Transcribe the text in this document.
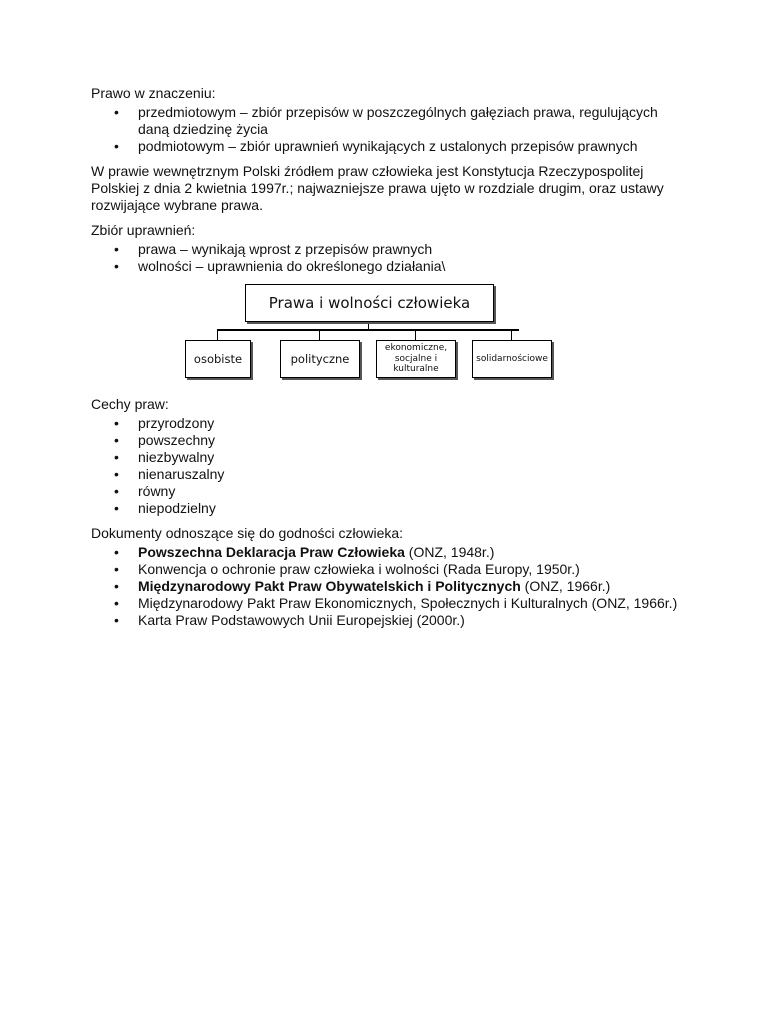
Prawo w znaczeniu:

• przedmiotowym – zbiór przepisów w poszczególnych gałęziach prawa, regulujących daną dziedzinę życia
• podmiotowym – zbiór uprawnień wynikających z ustalonych przepisów prawnych

W prawie wewnętrznym Polski źródłem praw człowieka jest Konstytucja Rzeczypospolitej Polskiej z dnia 2 kwietnia 1997r.; najwazniejsze prawa ujęto w rozdziale drugim, oraz ustawy rozwijające wybrane prawa.

Zbiór uprawnień:

• prawa – wynikają wprost z przepisów prawnych
• wolności – uprawnienia do określonego działania\
Prawa i wolności człowieka
osobiste	polityczne
ekonomiczne, socjalne i kulturalne
solidarnościowe

Cechy praw:

• przyrodzony
• powszechny
• niezbywalny
• nienaruszalny
• równy
• niepodzielny

Dokumenty odnoszące się do godności człowieka:

• Powszechna Deklaracja Praw Człowieka (ONZ, 1948r.)
• Konwencja o ochronie praw człowieka i wolności (Rada Europy, 1950r.)
• Międzynarodowy Pakt Praw Obywatelskich i Politycznych (ONZ, 1966r.)
• Międzynarodowy Pakt Praw Ekonomicznych, Społecznych i Kulturalnych (ONZ, 1966r.)
• Karta Praw Podstawowych Unii Europejskiej (2000r.)
